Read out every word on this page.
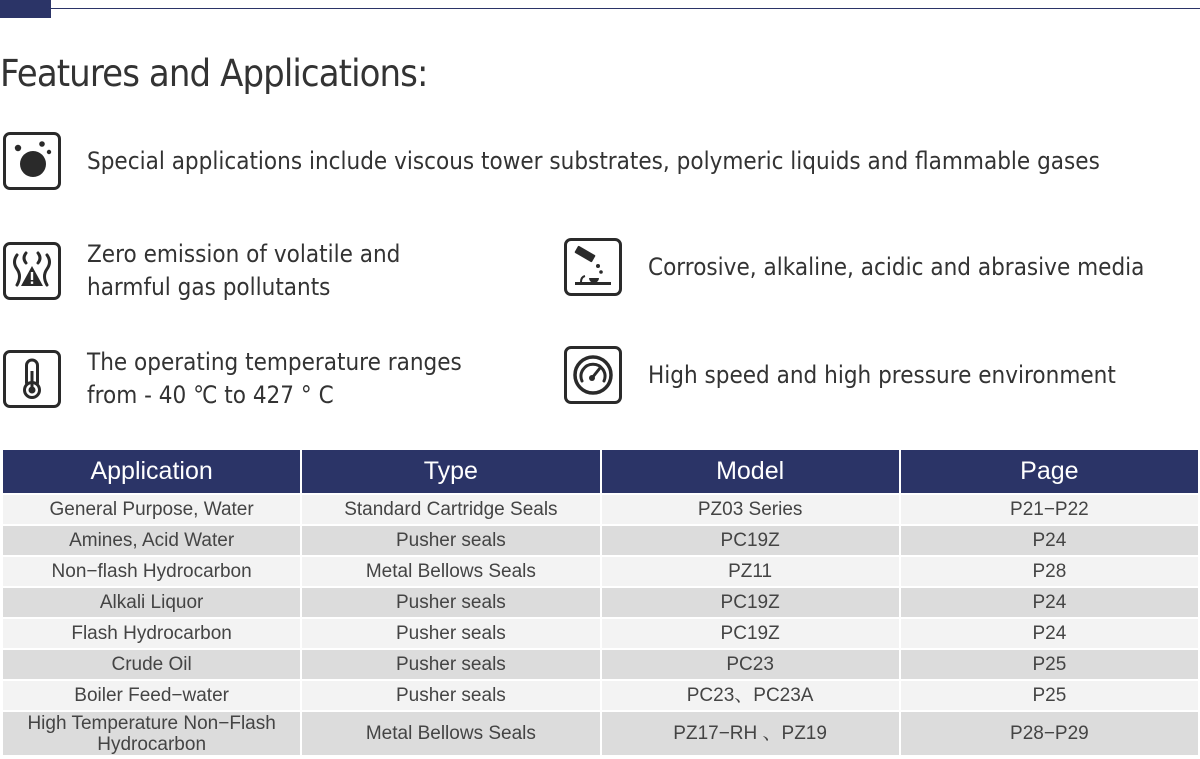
Features and Applications:
Special applications include viscous tower substrates, polymeric liquids and flammable gases
Zero emission of volatile and
harmful gas pollutants
Corrosive, alkaline, acidic and abrasive media
The operating temperature ranges
from - 40 ℃ to 427 ° C
High speed and high pressure environment
Application	Type	Model	Page
General Purpose, Water	Standard Cartridge Seals	PZ03 Series	P21−P22
Amines, Acid Water	Pusher seals	PC19Z	P24
Non−flash Hydrocarbon	Metal Bellows Seals	PZ11	P28
Alkali Liquor	Pusher seals	PC19Z	P24
Flash Hydrocarbon	Pusher seals	PC19Z	P24
Crude Oil	Pusher seals	PC23	P25
Boiler Feed−water	Pusher seals	PC23、PC23A	P25
High Temperature Non−Flash Hydrocarbon	Metal Bellows Seals	PZ17−RH 、PZ19	P28−P29
